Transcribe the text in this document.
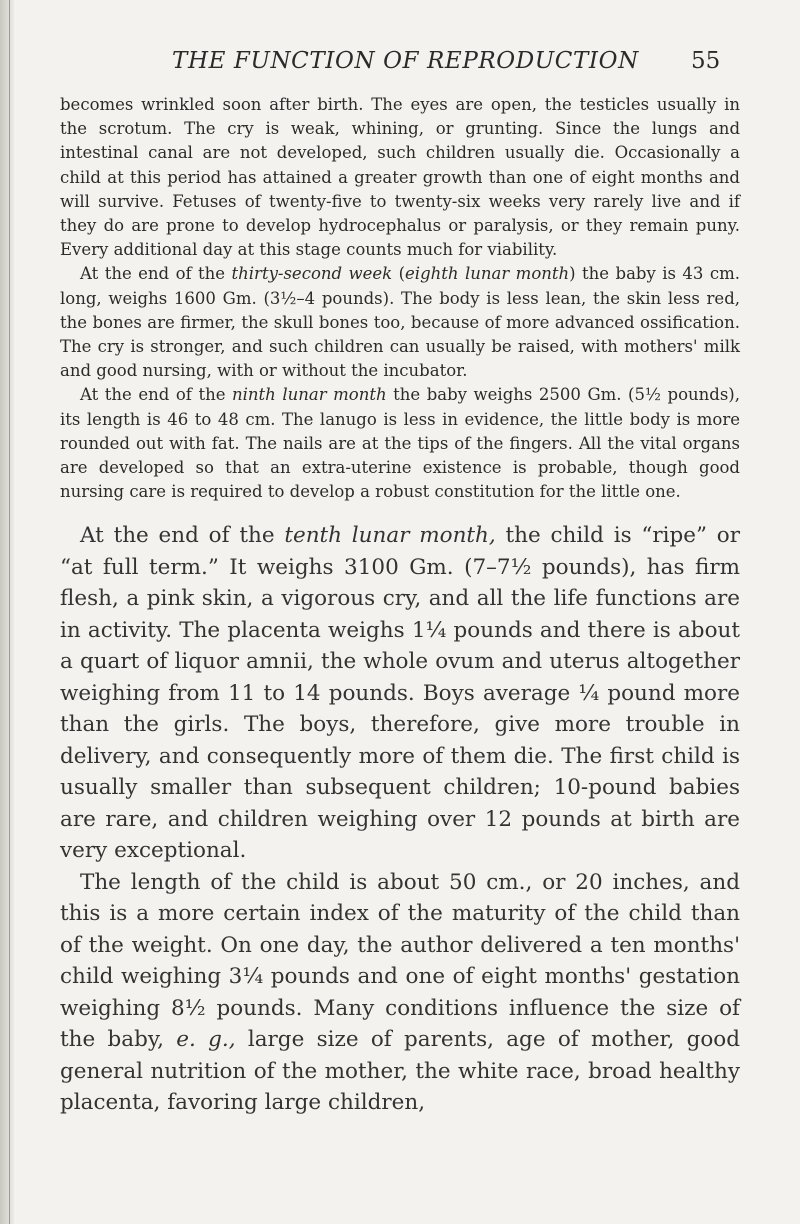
THE FUNCTION OF REPRODUCTION 55

becomes wrinkled soon after birth. The eyes are open, the testicles usually in the scrotum. The cry is weak, whining, or grunting. Since the lungs and intestinal canal are not developed, such children usually die. Occasionally a child at this period has attained a greater growth than one of eight months and will survive. Fetuses of twenty-five to twenty-six weeks very rarely live and if they do are prone to develop hydrocephalus or paralysis, or they remain puny. Every additional day at this stage counts much for viability.

At the end of the thirty-second week (eighth lunar month) the baby is 43 cm. long, weighs 1600 Gm. (3½–4 pounds). The body is less lean, the skin less red, the bones are firmer, the skull bones too, because of more advanced ossification. The cry is stronger, and such children can usually be raised, with mothers' milk and good nursing, with or without the incubator.

At the end of the ninth lunar month the baby weighs 2500 Gm. (5½ pounds), its length is 46 to 48 cm. The lanugo is less in evidence, the little body is more rounded out with fat. The nails are at the tips of the fingers. All the vital organs are developed so that an extra-uterine existence is probable, though good nursing care is required to develop a robust constitution for the little one.

At the end of the tenth lunar month, the child is “ripe” or “at full term.” It weighs 3100 Gm. (7–7½ pounds), has firm flesh, a pink skin, a vigorous cry, and all the life functions are in activity. The placenta weighs 1¼ pounds and there is about a quart of liquor amnii, the whole ovum and uterus altogether weighing from 11 to 14 pounds. Boys average ¼ pound more than the girls. The boys, therefore, give more trouble in delivery, and consequently more of them die. The first child is usually smaller than subsequent children; 10-pound babies are rare, and children weighing over 12 pounds at birth are very exceptional.

The length of the child is about 50 cm., or 20 inches, and this is a more certain index of the maturity of the child than of the weight. On one day, the author delivered a ten months' child weighing 3¼ pounds and one of eight months' gestation weighing 8½ pounds. Many conditions influence the size of the baby, e. g., large size of parents, age of mother, good general nutrition of the mother, the white race, broad healthy placenta, favoring large children,
